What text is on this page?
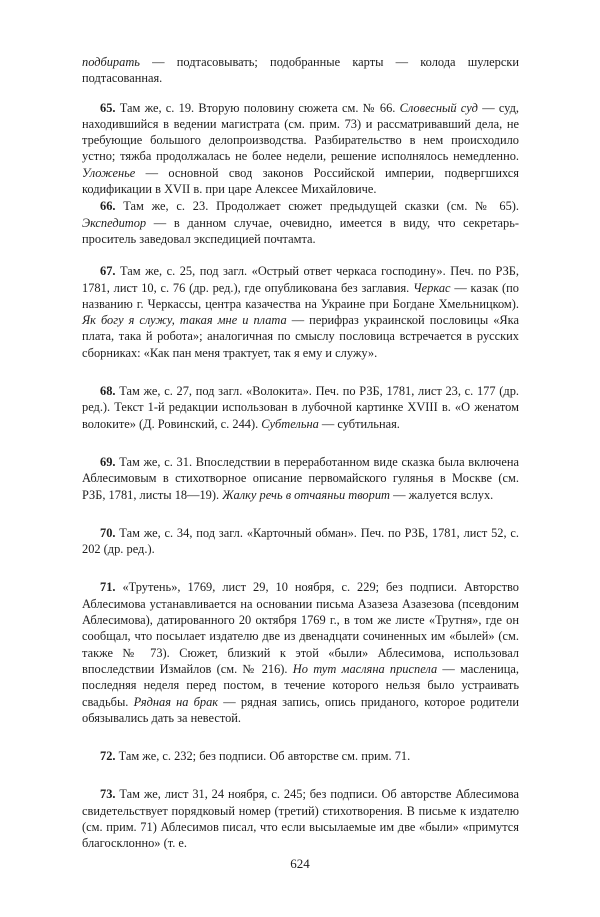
подбирать — подтасовывать; подобранные карты — колода шулерски подтасованная.

65. Там же, с. 19. Вторую половину сюжета см. № 66. Словесный суд — суд, находившийся в ведении магистрата (см. прим. 73) и рассматривавший дела, не требующие большого делопроизводства. Разбирательство в нем происходило устно; тяжба продолжалась не более недели, решение исполнялось немедленно. Уложенье — основной свод законов Российской империи, подвергшихся кодификации в XVII в. при царе Алексее Михайловиче.

66. Там же, с. 23. Продолжает сюжет предыдущей сказки (см. № 65). Экспедитор — в данном случае, очевидно, имеется в виду, что секретарь-проситель заведовал экспедицией почтамта.

67. Там же, с. 25, под загл. «Острый ответ черкаса господину». Печ. по РЗБ, 1781, лист 10, с. 76 (др. ред.), где опубликована без заглавия. Черкас — казак (по названию г. Черкассы, центра казачества на Украине при Богдане Хмельницком). Як богу я служу, такая мне и плата — перифраз украинской пословицы «Яка плата, така й робота»; аналогичная по смыслу пословица встречается в русских сборниках: «Как пан меня трактует, так я ему и служу».

68. Там же, с. 27, под загл. «Волокита». Печ. по РЗБ, 1781, лист 23, с. 177 (др. ред.). Текст 1-й редакции использован в лубочной картинке XVIII в. «О женатом волоките» (Д. Ровинский, с. 244). Субтельна — субтильная.

69. Там же, с. 31. Впоследствии в переработанном виде сказка была включена Аблесимовым в стихотворное описание первомайского гулянья в Москве (см. РЗБ, 1781, листы 18—19). Жалку речь в отчаяньи творит — жалуется вслух.

70. Там же, с. 34, под загл. «Карточный обман». Печ. по РЗБ, 1781, лист 52, с. 202 (др. ред.).

71. «Трутень», 1769, лист 29, 10 ноября, с. 229; без подписи. Авторство Аблесимова устанавливается на основании письма Азазеза Азазезова (псевдоним Аблесимова), датированного 20 октября 1769 г., в том же листе «Трутня», где он сообщал, что посылает издателю две из двенадцати сочиненных им «былей» (см. также № 73). Сюжет, близкий к этой «были» Аблесимова, использовал впоследствии Измайлов (см. № 216). Но тут масляна приспела — масленица, последняя неделя перед постом, в течение которого нельзя было устраивать свадьбы. Рядная на брак — рядная запись, опись приданого, которое родители обязывались дать за невестой.

72. Там же, с. 232; без подписи. Об авторстве см. прим. 71.

73. Там же, лист 31, 24 ноября, с. 245; без подписи. Об авторстве Аблесимова свидетельствует порядковый номер (третий) стихотворения. В письме к издателю (см. прим. 71) Аблесимов писал, что если высылаемые им две «были» «примутся благосклонно» (т. е.

624
